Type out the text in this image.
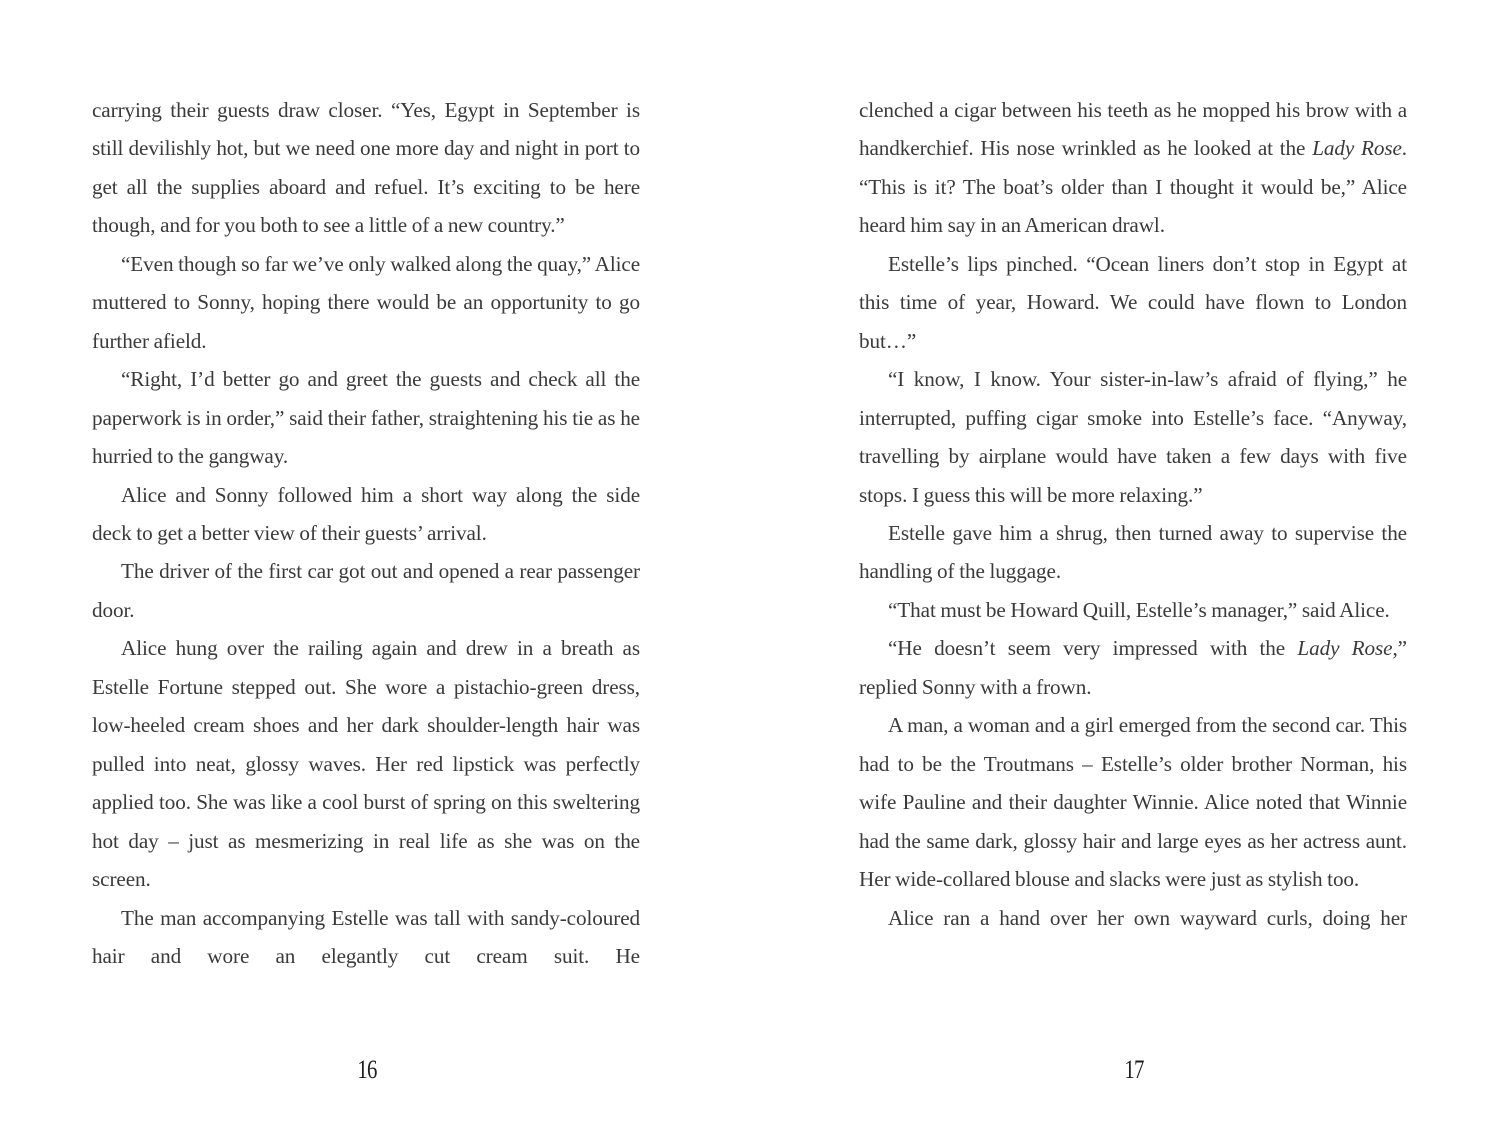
carrying their guests draw closer. “Yes, Egypt in September is still devilishly hot, but we need one more day and night in port to get all the supplies aboard and refuel. It’s exciting to be here though, and for you both to see a little of a new country.”

“Even though so far we’ve only walked along the quay,” Alice muttered to Sonny, hoping there would be an opportunity to go further afield.

“Right, I’d better go and greet the guests and check all the paperwork is in order,” said their father, straightening his tie as he hurried to the gangway.

Alice and Sonny followed him a short way along the side deck to get a better view of their guests’ arrival.

The driver of the first car got out and opened a rear passenger door.

Alice hung over the railing again and drew in a breath as Estelle Fortune stepped out. She wore a pistachio-green dress, low-heeled cream shoes and her dark shoulder-length hair was pulled into neat, glossy waves. Her red lipstick was perfectly applied too. She was like a cool burst of spring on this sweltering hot day – just as mesmerizing in real life as she was on the screen.

The man accompanying Estelle was tall with sandy-coloured hair and wore an elegantly cut cream suit. He

16

clenched a cigar between his teeth as he mopped his brow with a handkerchief. His nose wrinkled as he looked at the Lady Rose. “This is it? The boat’s older than I thought it would be,” Alice heard him say in an American drawl.

Estelle’s lips pinched. “Ocean liners don’t stop in Egypt at this time of year, Howard. We could have flown to London but…”

“I know, I know. Your sister-in-law’s afraid of flying,” he interrupted, puffing cigar smoke into Estelle’s face. “Anyway, travelling by airplane would have taken a few days with five stops. I guess this will be more relaxing.”

Estelle gave him a shrug, then turned away to supervise the handling of the luggage.

“That must be Howard Quill, Estelle’s manager,” said Alice.

“He doesn’t seem very impressed with the Lady Rose,” replied Sonny with a frown.

A man, a woman and a girl emerged from the second car. This had to be the Troutmans – Estelle’s older brother Norman, his wife Pauline and their daughter Winnie. Alice noted that Winnie had the same dark, glossy hair and large eyes as her actress aunt. Her wide-collared blouse and slacks were just as stylish too.

Alice ran a hand over her own wayward curls, doing her

17
